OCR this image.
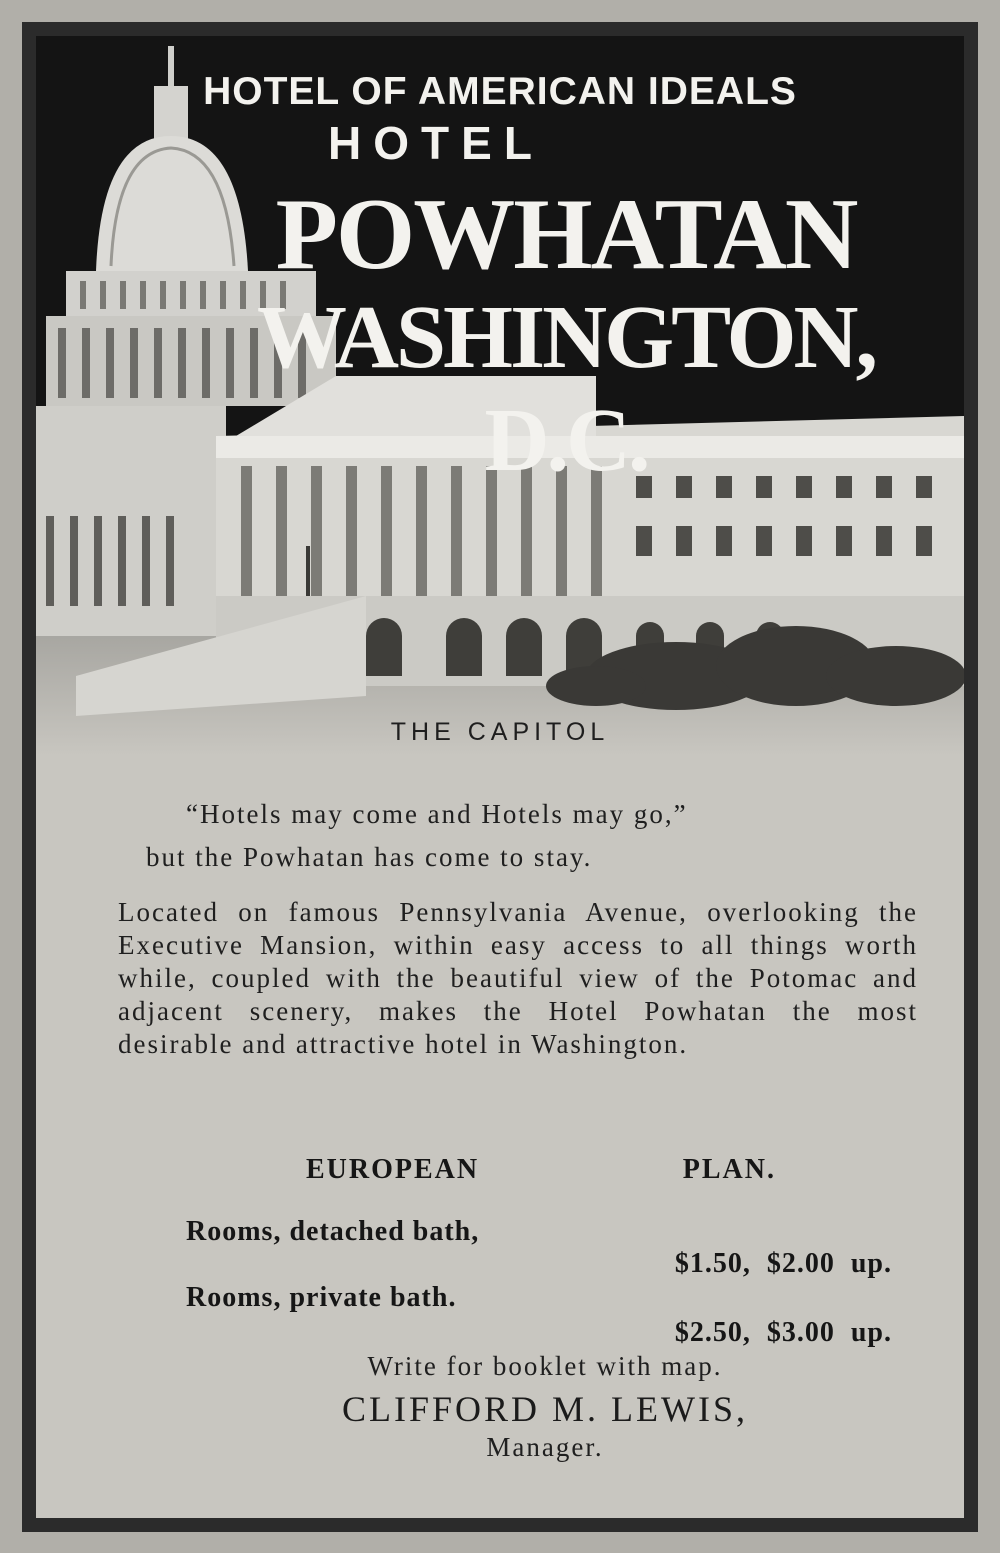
HOTEL OF AMERICAN IDEALS
HOTEL
POWHATAN
WASHINGTON, D.C.
THE CAPITOL
“Hotels may come and Hotels may go,”
but the Powhatan has come to stay.
Located on famous Pennsylvania Avenue, overlooking the Executive Mansion, within easy access to all things worth while, coupled with the beautiful view of the Potomac and adjacent scenery, makes the Hotel Powhatan the most desirable and attractive hotel in Washington.
EUROPEAN	PLAN.
Rooms, detached bath,
$1.50,  $2.00  up.
Rooms, private bath.
$2.50,  $3.00  up.
Write for booklet with map.
CLIFFORD M. LEWIS,
Manager.
